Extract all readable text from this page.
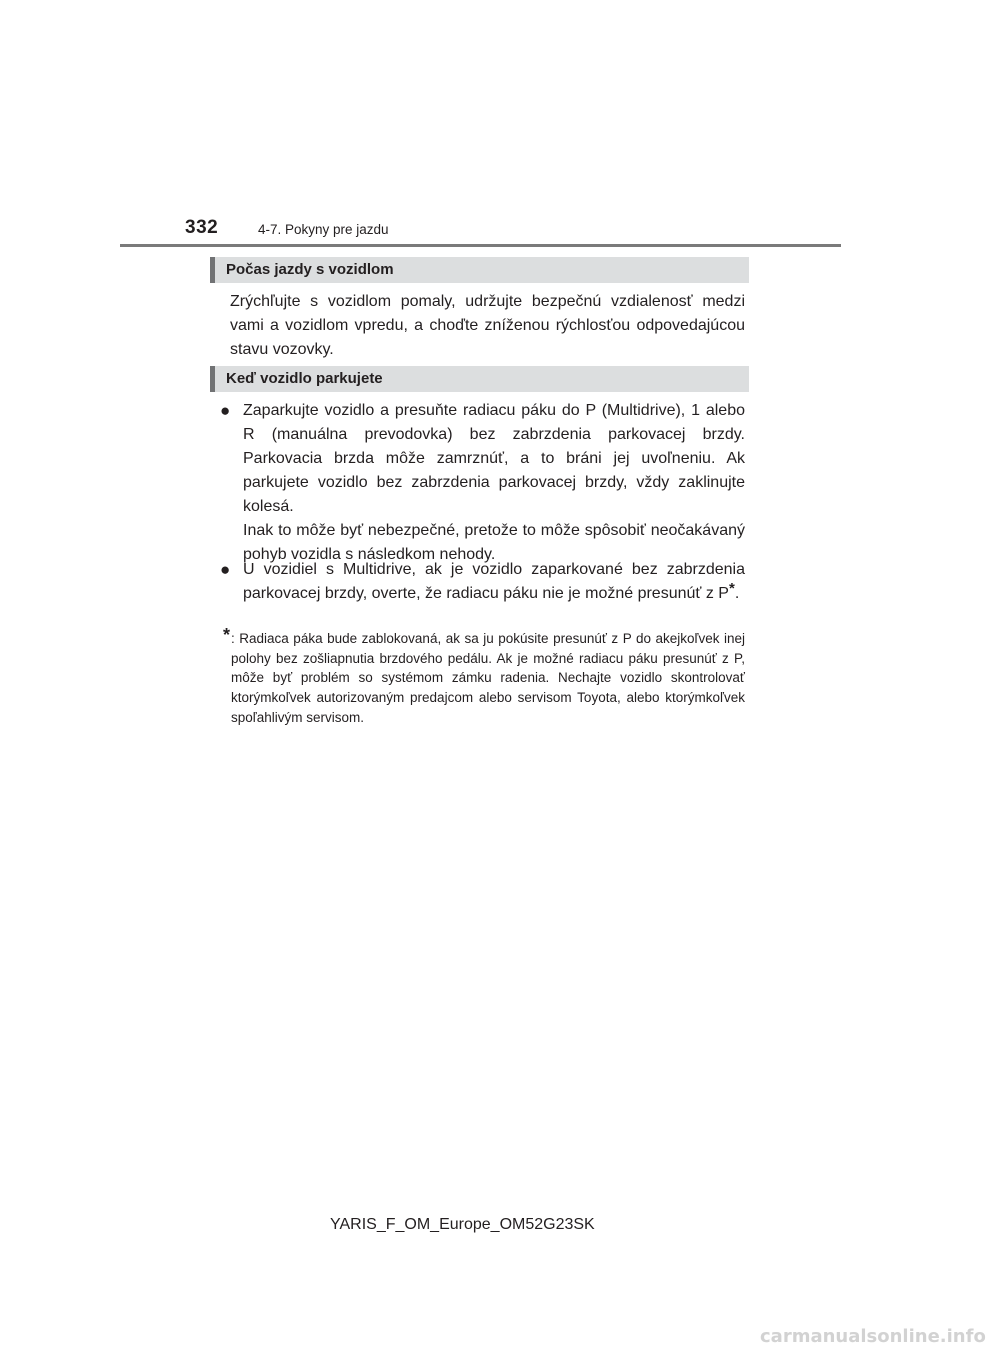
332	4-7. Pokyny pre jazdu
Počas jazdy s vozidlom

Zrýchľujte s vozidlom pomaly, udržujte bezpečnú vzdialenosť medzi vami a vozidlom vpredu, a choďte zníženou rýchlosťou odpovedajúcou stavu vozovky.

Keď vozidlo parkujete
● Zaparkujte vozidlo a presuňte radiacu páku do P (Multidrive), 1 alebo R (manuálna prevodovka) bez zabrzdenia parkovacej brzdy. Parkovacia brzda môže zamrznúť, a to bráni jej uvoľneniu. Ak parkujete vozidlo bez zabrzdenia parkovacej brzdy, vždy zaklinujte kolesá.

Inak to môže byť nebezpečné, pretože to môže spôsobiť neočakávaný pohyb vozidla s následkom nehody.

● U vozidiel s Multidrive, ak je vozidlo zaparkované bez zabrzdenia parkovacej brzdy, overte, že radiacu páku nie je možné presunúť z P*.

* : Radiaca páka bude zablokovaná, ak sa ju pokúsite presunúť z P do akejkoľvek inej polohy bez zošliapnutia brzdového pedálu. Ak je možné radiacu páku presunúť z P, môže byť problém so systémom zámku radenia. Nechajte vozidlo skontrolovať ktorýmkoľvek autorizovaným predajcom alebo servisom Toyota, alebo ktorýmkoľvek spoľahlivým servisom.

YARIS_F_OM_Europe_OM52G23SK
carmanualsonline.info
